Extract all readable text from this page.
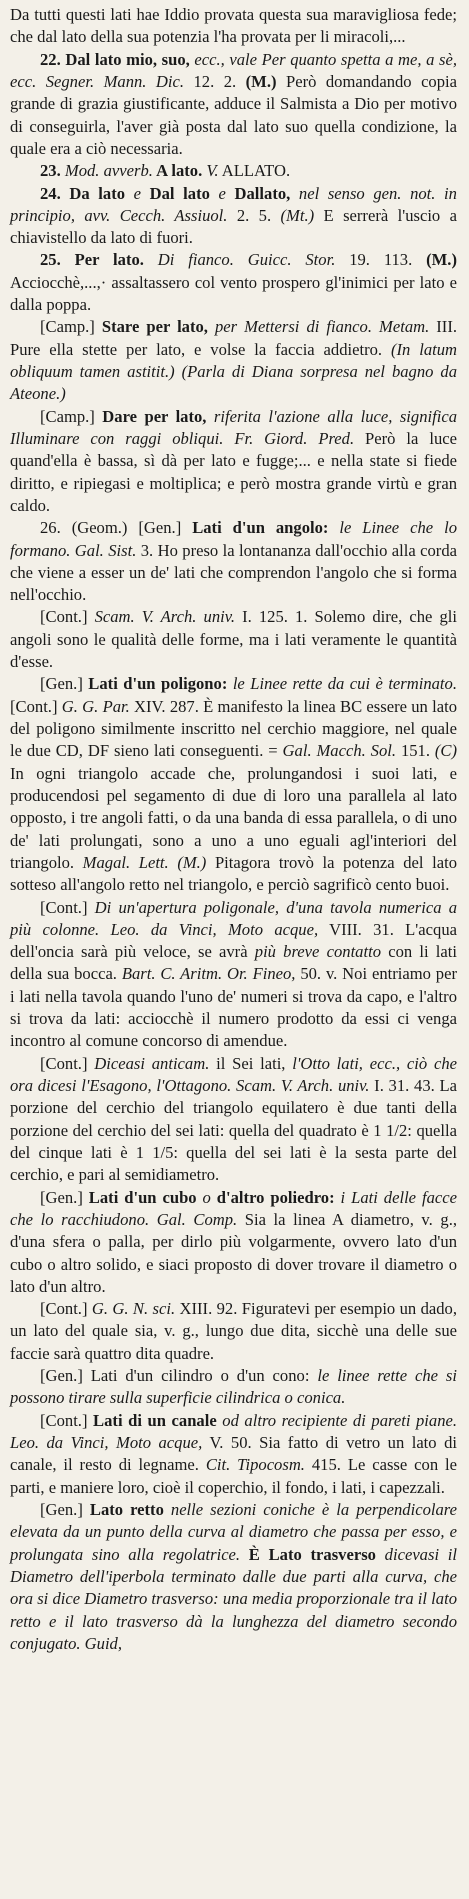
Da tutti questi lati hae Iddio provata questa sua maravigliosa fede; che dal lato della sua potenzia l'ha provata per li miracoli,...

22. Dal lato mio, suo, ecc., vale Per quanto spetta a me, a sè, ecc. Segner. Mann. Dic. 12. 2. (M.) Però domandando copia grande di grazia giustificante, adduce il Salmista a Dio per motivo di conseguirla, l'aver già posta dal lato suo quella condizione, la quale era a ciò necessaria.

23. Mod. avverb. A lato. V. ALLATO.

24. Da lato e Dal lato e Dallato, nel senso gen. not. in principio, avv. Cecch. Assiuol. 2. 5. (Mt.) E serrerà l'uscio a chiavistello da lato di fuori.

25. Per lato. Di fianco. Guicc. Stor. 19. 113. (M.) Acciocchè,...,· assaltassero col vento prospero gl'inimici per lato e dalla poppa.

[Camp.] Stare per lato, per Mettersi di fianco. Metam. III. Pure ella stette per lato, e volse la faccia addietro. (In latum obliquum tamen astitit.) (Parla di Diana sorpresa nel bagno da Ateone.)

[Camp.] Dare per lato, riferita l'azione alla luce, significa Illuminare con raggi obliqui. Fr. Giord. Pred. Però la luce quand'ella è bassa, sì dà per lato e fugge;... e nella state si fiede diritto, e ripiegasi e moltiplica; e però mostra grande virtù e gran caldo.

26. (Geom.) [Gen.] Lati d'un angolo: le Linee che lo formano. Gal. Sist. 3. Ho preso la lontananza dall'occhio alla corda che viene a esser un de' lati che comprendon l'angolo che si forma nell'occhio.

[Cont.] Scam. V. Arch. univ. I. 125. 1. Solemo dire, che gli angoli sono le qualità delle forme, ma i lati veramente le quantità d'esse.

[Gen.] Lati d'un poligono: le Linee rette da cui è terminato. [Cont.] G. G. Par. XIV. 287. È manifesto la linea BC essere un lato del poligono similmente inscritto nel cerchio maggiore, nel quale le due CD, DF sieno lati conseguenti. = Gal. Macch. Sol. 151. (C) In ogni triangolo accade che, prolungandosi i suoi lati, e producendosi pel segamento di due di loro una parallela al lato opposto, i tre angoli fatti, o da una banda di essa parallela, o di uno de' lati prolungati, sono a uno a uno eguali agl'interiori del triangolo. Magal. Lett. (M.) Pitagora trovò la potenza del lato sotteso all'angolo retto nel triangolo, e perciò sagrificò cento buoi.

[Cont.] Di un'apertura poligonale, d'una tavola numerica a più colonne. Leo. da Vinci, Moto acque, VIII. 31. L'acqua dell'oncia sarà più veloce, se avrà più breve contatto con li lati della sua bocca. Bart. C. Aritm. Or. Fineo, 50. v. Noi entriamo per i lati nella tavola quando l'uno de' numeri si trova da capo, e l'altro si trova da lati: acciocchè il numero prodotto da essi ci venga incontro al comune concorso di amendue.

[Cont.] Diceasi anticam. il Sei lati, l'Otto lati, ecc., ciò che ora dicesi l'Esagono, l'Ottagono. Scam. V. Arch. univ. I. 31. 43. La porzione del cerchio del triangolo equilatero è due tanti della porzione del cerchio del sei lati: quella del quadrato è 1 1/2: quella del cinque lati è 1 1/5: quella del sei lati è la sesta parte del cerchio, e pari al semidiametro.

[Gen.] Lati d'un cubo o d'altro poliedro: i Lati delle facce che lo racchiudono. Gal. Comp. Sia la linea A diametro, v. g., d'una sfera o palla, per dirlo più volgarmente, ovvero lato d'un cubo o altro solido, e siaci proposto di dover trovare il diametro o lato d'un altro.

[Cont.] G. G. N. sci. XIII. 92. Figuratevi per esempio un dado, un lato del quale sia, v. g., lungo due dita, sicchè una delle sue faccie sarà quattro dita quadre.

[Gen.] Lati d'un cilindro o d'un cono: le linee rette che si possono tirare sulla superficie cilindrica o conica.

[Cont.] Lati di un canale od altro recipiente di pareti piane. Leo. da Vinci, Moto acque, V. 50. Sia fatto di vetro un lato di canale, il resto di legname. Cit. Tipocosm. 415. Le casse con le parti, e maniere loro, cioè il coperchio, il fondo, i lati, i capezzali.

[Gen.] Lato retto nelle sezioni coniche è la perpendicolare elevata da un punto della curva al diametro che passa per esso, e prolungata sino alla regolatrice. È Lato trasverso dicevasi il Diametro dell'iperbola terminato dalle due parti alla curva, che ora si dice Diametro trasverso: una media proporzionale tra il lato retto e il lato trasverso dà la lunghezza del diametro secondo conjugato. Guid,
